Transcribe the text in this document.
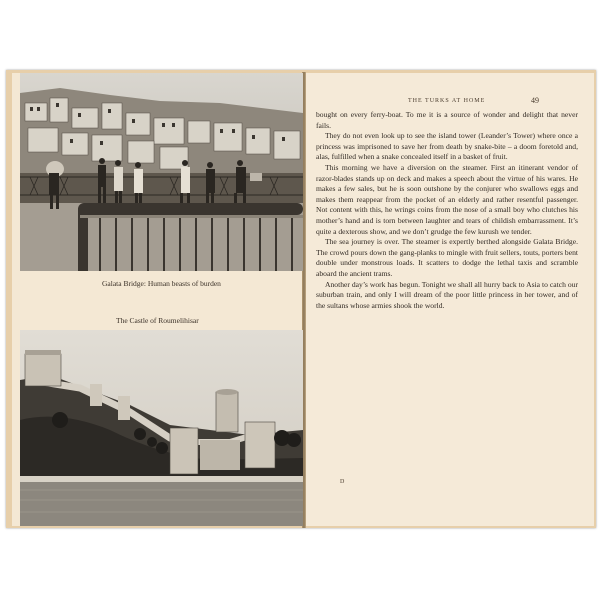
Galata Bridge: Human beasts of burden
The Castle of Roumelihisar
THE TURKS AT HOME	49

bought on every ferry-boat. To me it is a source of wonder and delight that never fails.

They do not even look up to see the island tower (Leander’s Tower) where once a princess was imprisoned to save her from death by snake-bite – a doom foretold and, alas, fulfilled when a snake concealed itself in a basket of fruit.

This morning we have a diversion on the steamer. First an itinerant vendor of razor-blades stands up on deck and makes a speech about the virtue of his wares. He makes a few sales, but he is soon outshone by the conjurer who swallows eggs and makes them reappear from the pocket of an elderly and rather resentful passenger. Not content with this, he wrings coins from the nose of a small boy who clutches his mother’s hand and is torn between laughter and tears of childish embarrassment. It’s quite a dexterous show, and we don’t grudge the few kurush we tender.

The sea journey is over. The steamer is expertly berthed alongside Galata Bridge. The crowd pours down the gang-planks to mingle with fruit sellers, touts, porters bent double under monstrous loads. It scatters to dodge the lethal taxis and scramble aboard the ancient trams.

Another day’s work has begun. Tonight we shall all hurry back to Asia to catch our suburban train, and only I will dream of the poor little princess in her tower, and of the sultans whose armies shook the world.

D
